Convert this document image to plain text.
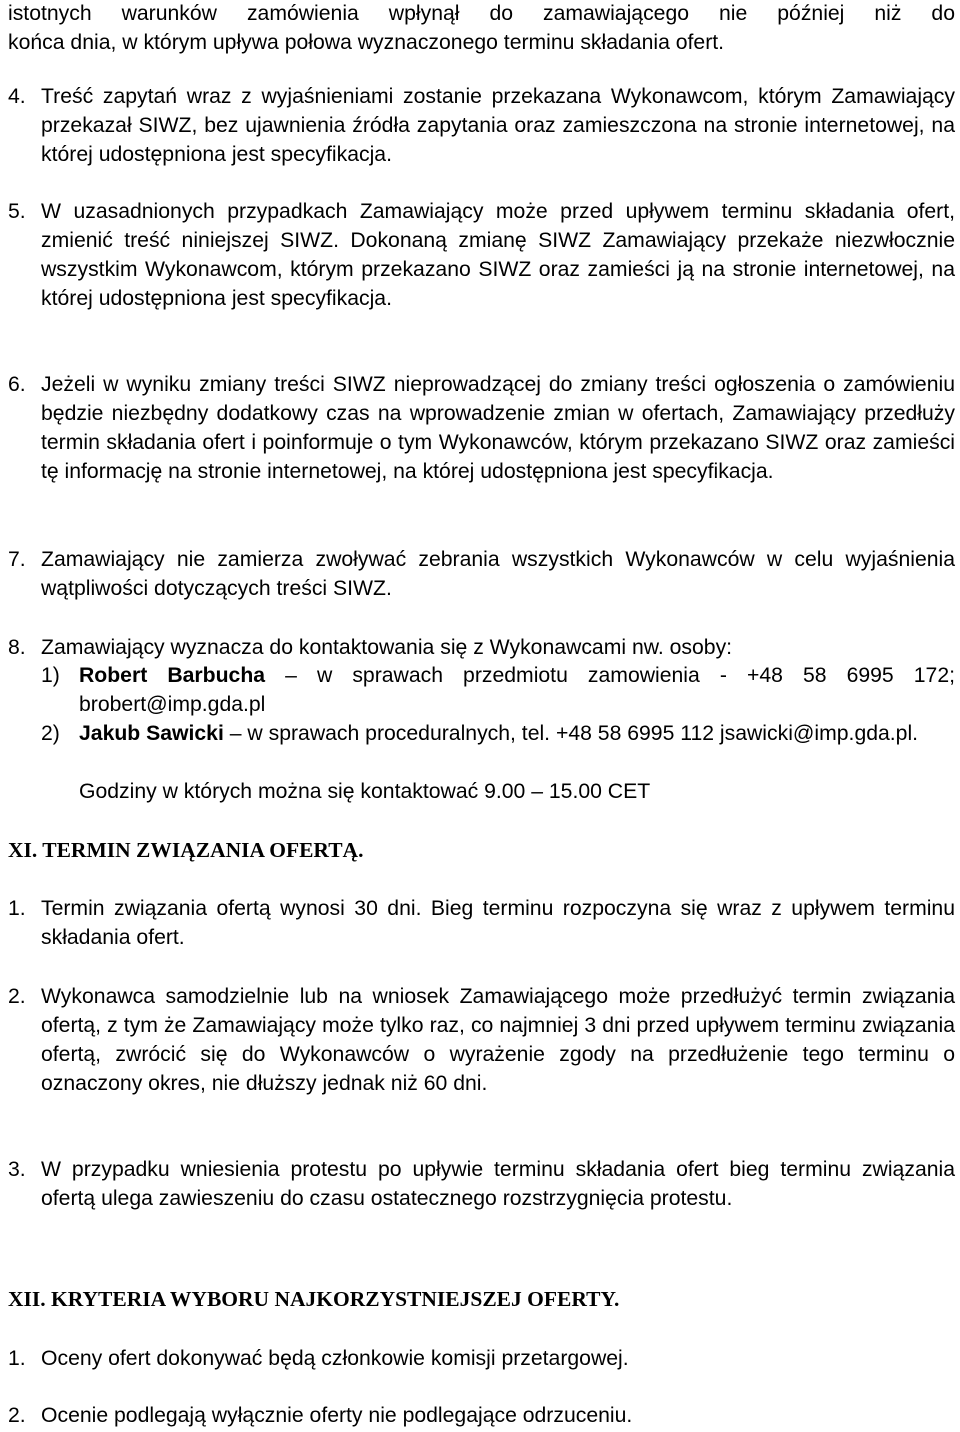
istotnych warunków zamówienia wpłynął do zamawiającego nie później niż do
końca dnia, w którym upływa połowa wyznaczonego terminu składania ofert.
4. Treść zapytań wraz z wyjaśnieniami zostanie przekazana Wykonawcom, którym Zamawiający przekazał SIWZ, bez ujawnienia źródła zapytania oraz zamieszczona na stronie internetowej, na której udostępniona jest specyfikacja.
5. W uzasadnionych przypadkach Zamawiający może przed upływem terminu składania ofert, zmienić treść niniejszej SIWZ. Dokonaną zmianę SIWZ Zamawiający przekaże niezwłocznie wszystkim Wykonawcom, którym przekazano SIWZ oraz zamieści ją na stronie internetowej, na której udostępniona jest specyfikacja.
6. Jeżeli w wyniku zmiany treści SIWZ nieprowadzącej do zmiany treści ogłoszenia o zamówieniu będzie niezbędny dodatkowy czas na wprowadzenie zmian w ofertach, Zamawiający przedłuży termin składania ofert i poinformuje o tym Wykonawców, którym przekazano SIWZ oraz zamieści tę informację na stronie internetowej, na której udostępniona jest specyfikacja.
7. Zamawiający nie zamierza zwoływać zebrania wszystkich Wykonawców w celu wyjaśnienia wątpliwości dotyczących treści SIWZ.
8. Zamawiający wyznacza do kontaktowania się z Wykonawcami nw. osoby:
1) Robert Barbucha – w sprawach przedmiotu zamowienia - +48 58 6995 172; brobert@imp.gda.pl
2) Jakub Sawicki – w sprawach proceduralnych, tel. +48 58 6995 112 jsawicki@imp.gda.pl.
Godziny w których można się kontaktować 9.00 – 15.00 CET
XI. TERMIN ZWIĄZANIA OFERTĄ.
1. Termin związania ofertą wynosi 30 dni. Bieg terminu rozpoczyna się wraz z upływem terminu składania ofert.
2. Wykonawca samodzielnie lub na wniosek Zamawiającego może przedłużyć termin związania ofertą, z tym że Zamawiający może tylko raz, co najmniej 3 dni przed upływem terminu związania ofertą, zwrócić się do Wykonawców o wyrażenie zgody na przedłużenie tego terminu o oznaczony okres, nie dłuższy jednak niż 60 dni.
3. W przypadku wniesienia protestu po upływie terminu składania ofert bieg terminu związania ofertą ulega zawieszeniu do czasu ostatecznego rozstrzygnięcia protestu.
XII. KRYTERIA WYBORU NAJKORZYSTNIEJSZEJ OFERTY.
1. Oceny ofert dokonywać będą członkowie komisji przetargowej.
2. Ocenie podlegają wyłącznie oferty nie podlegające odrzuceniu.
